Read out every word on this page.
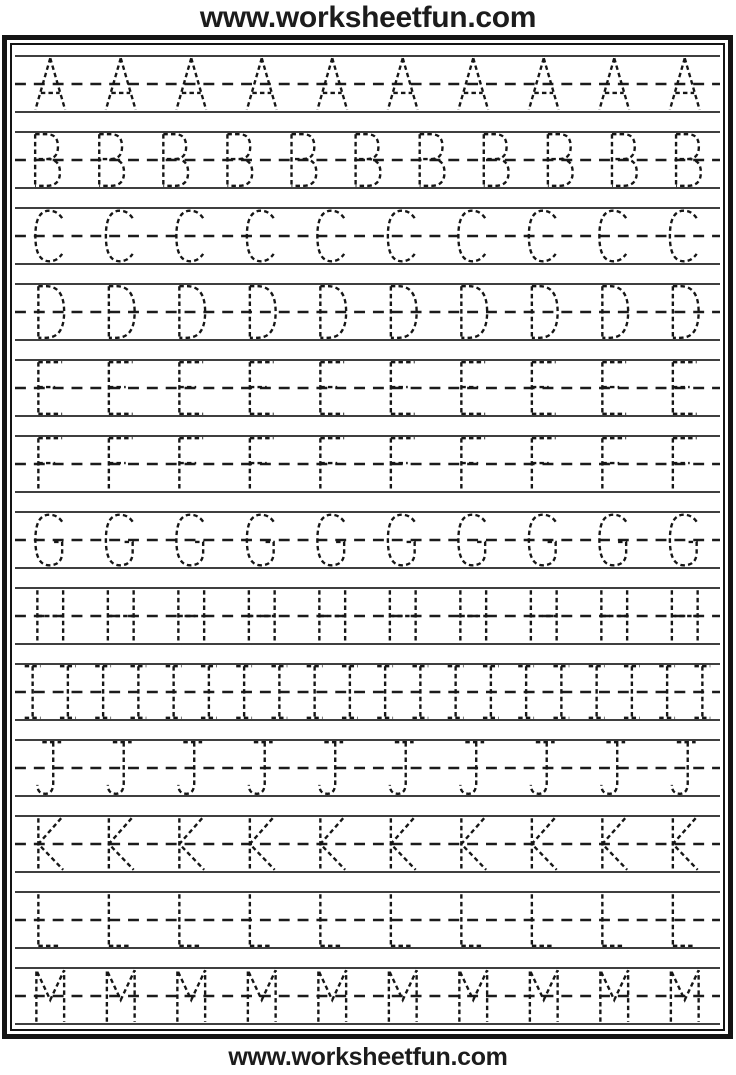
www.worksheetfun.com
www.worksheetfun.com
